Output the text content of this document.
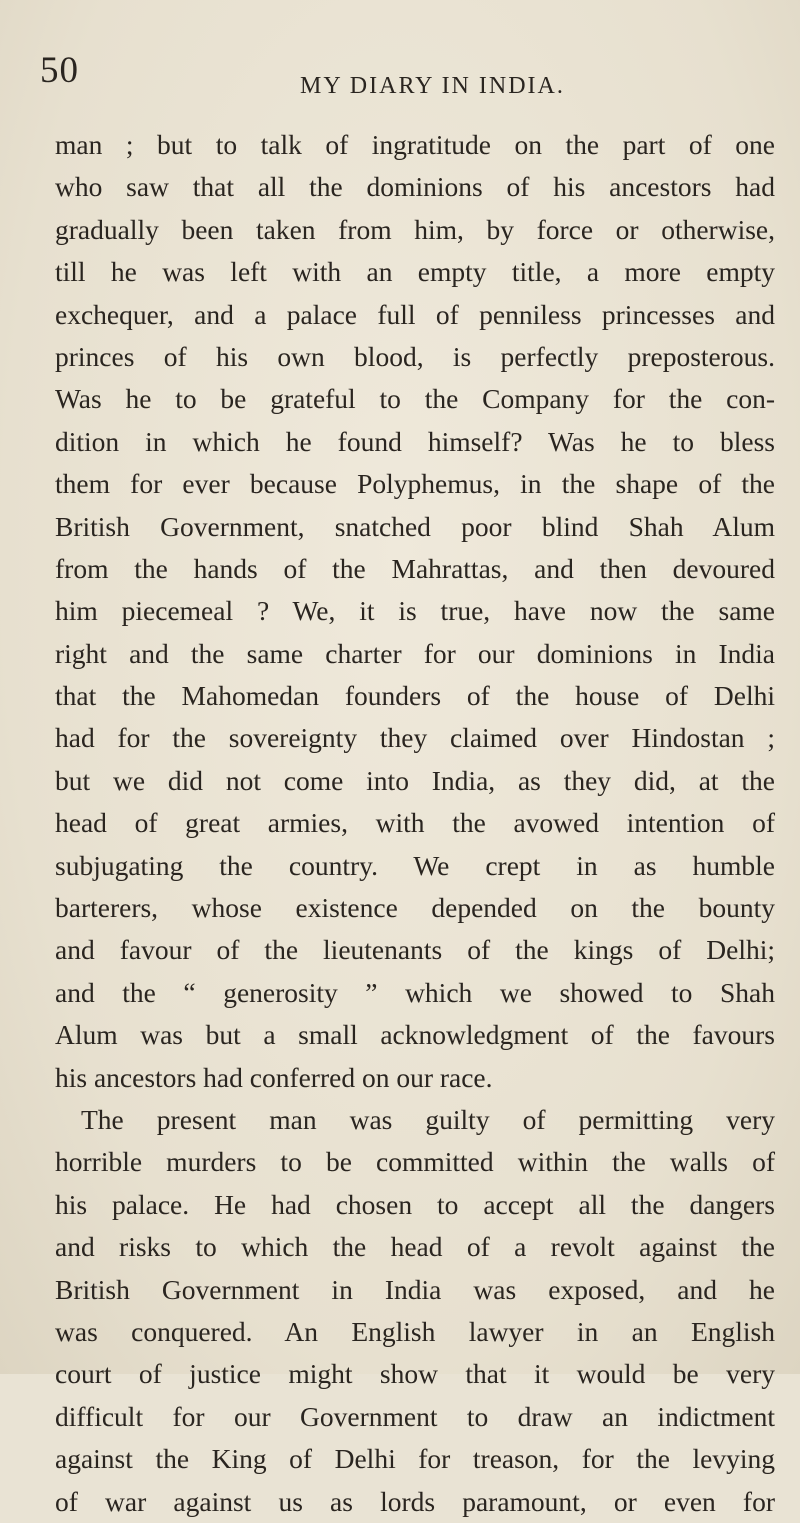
50	MY DIARY IN INDIA.
man ; but to talk of ingratitude on the part of one
who saw that all the dominions of his ancestors had
gradually been taken from him, by force or otherwise,
till he was left with an empty title, a more empty
exchequer, and a palace full of penniless princesses and
princes of his own blood, is perfectly preposterous.
Was he to be grateful to the Company for the con-
dition in which he found himself? Was he to bless
them for ever because Polyphemus, in the shape of the
British Government, snatched poor blind Shah Alum
from the hands of the Mahrattas, and then devoured
him piecemeal ? We, it is true, have now the same
right and the same charter for our dominions in India
that the Mahomedan founders of the house of Delhi
had for the sovereignty they claimed over Hindostan ;
but we did not come into India, as they did, at the
head of great armies, with the avowed intention of
subjugating the country. We crept in as humble
barterers, whose existence depended on the bounty
and favour of the lieutenants of the kings of Delhi;
and the “ generosity ” which we showed to Shah
Alum was but a small acknowledgment of the favours
his ancestors had conferred on our race.
The present man was guilty of permitting very
horrible murders to be committed within the walls of
his palace. He had chosen to accept all the dangers
and risks to which the head of a revolt against the
British Government in India was exposed, and he
was conquered. An English lawyer in an English
court of justice might show that it would be very
difficult for our Government to draw an indictment
against the King of Delhi for treason, for the levying
of war against us as lords paramount, or even for
